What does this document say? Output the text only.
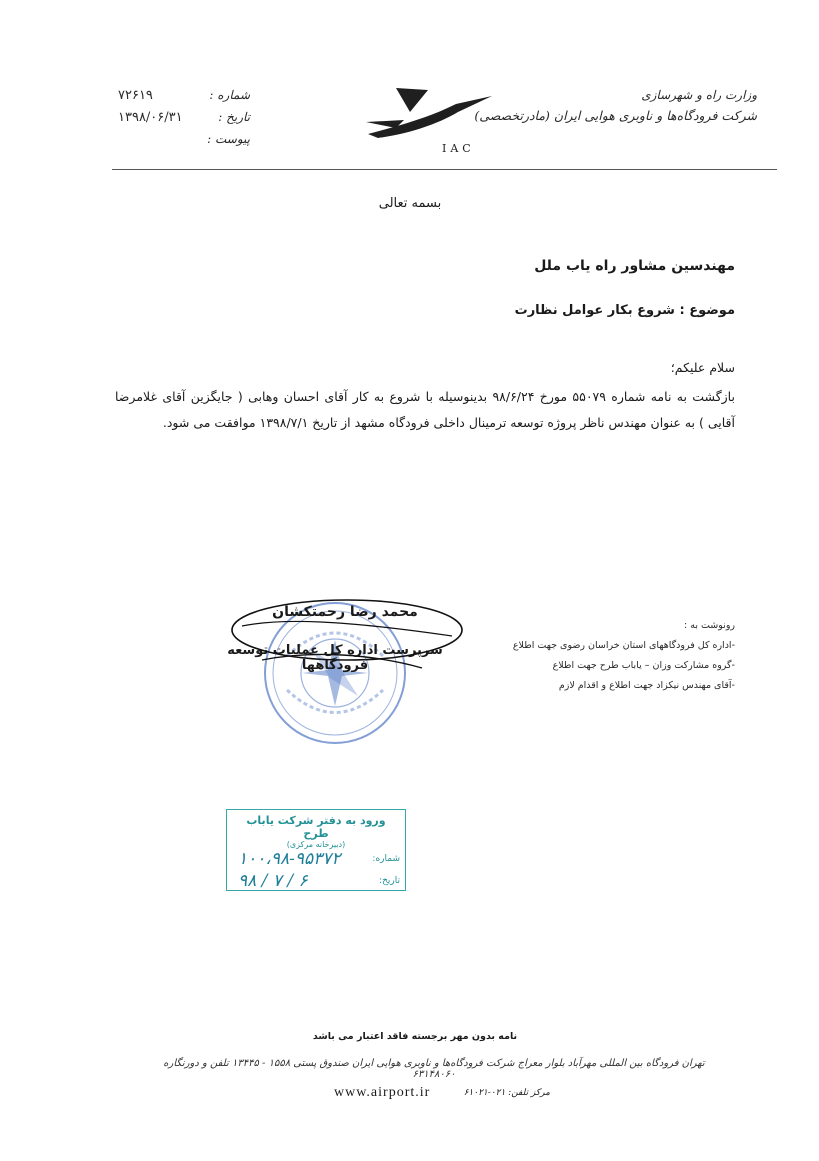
وزارت راه و شهرسازی
شرکت فرودگاه‌ها و ناوبری هوایی ایران (مادرتخصصی)
IAC
شماره :
۷۲۶۱۹
تاریخ :
۱۳۹۸/۰۶/۳۱
پیوست :
بسمه تعالی
مهندسین مشاور راه یاب ملل
موضوع : شروع بکار عوامل نظارت
سلام علیکم؛
بازگشت به نامه شماره ۵۵۰۷۹ مورخ ۹۸/۶/۲۴ بدینوسیله با شروع به کار آقای احسان وهابی ( جایگزین آقای غلامرضا آقایی ) به عنوان مهندس ناظر پروژه توسعه ترمینال داخلی فرودگاه مشهد از تاریخ ۱۳۹۸/۷/۱ موافقت می شود.
محمد رضا رحمتکشان
سرپرست اداره کل عملیات توسعه فرودگاهها
رونوشت به :
-اداره کل فرودگاههای استان خراسان رضوی جهت اطلاع
-گروه مشارکت وزان – یاباب طرح جهت اطلاع
-آقای مهندس نیکزاد جهت اطلاع و اقدام لازم
ورود به دفتر شرکت یاباب طرح
(دبیرخانه مرکزی)
شماره:
۱۰۰،۹۸-۹۵۳۷۲
تاریخ:
۹۸ / ۷ / ۶
نامه بدون مهر برجسته فاقد اعتبار می باشد
تهران فرودگاه بین المللی مهرآباد بلوار معراج شرکت فرودگاه‌ها و ناوبری هوایی ایران صندوق پستی ۱۵۵۸ - ۱۳۴۴۵ تلفن و دورنگاره ۶۳۱۴۸۰۶۰
www.airport.ir	مرکز تلفن: ۰۲۱-۶۱۰۲۱
